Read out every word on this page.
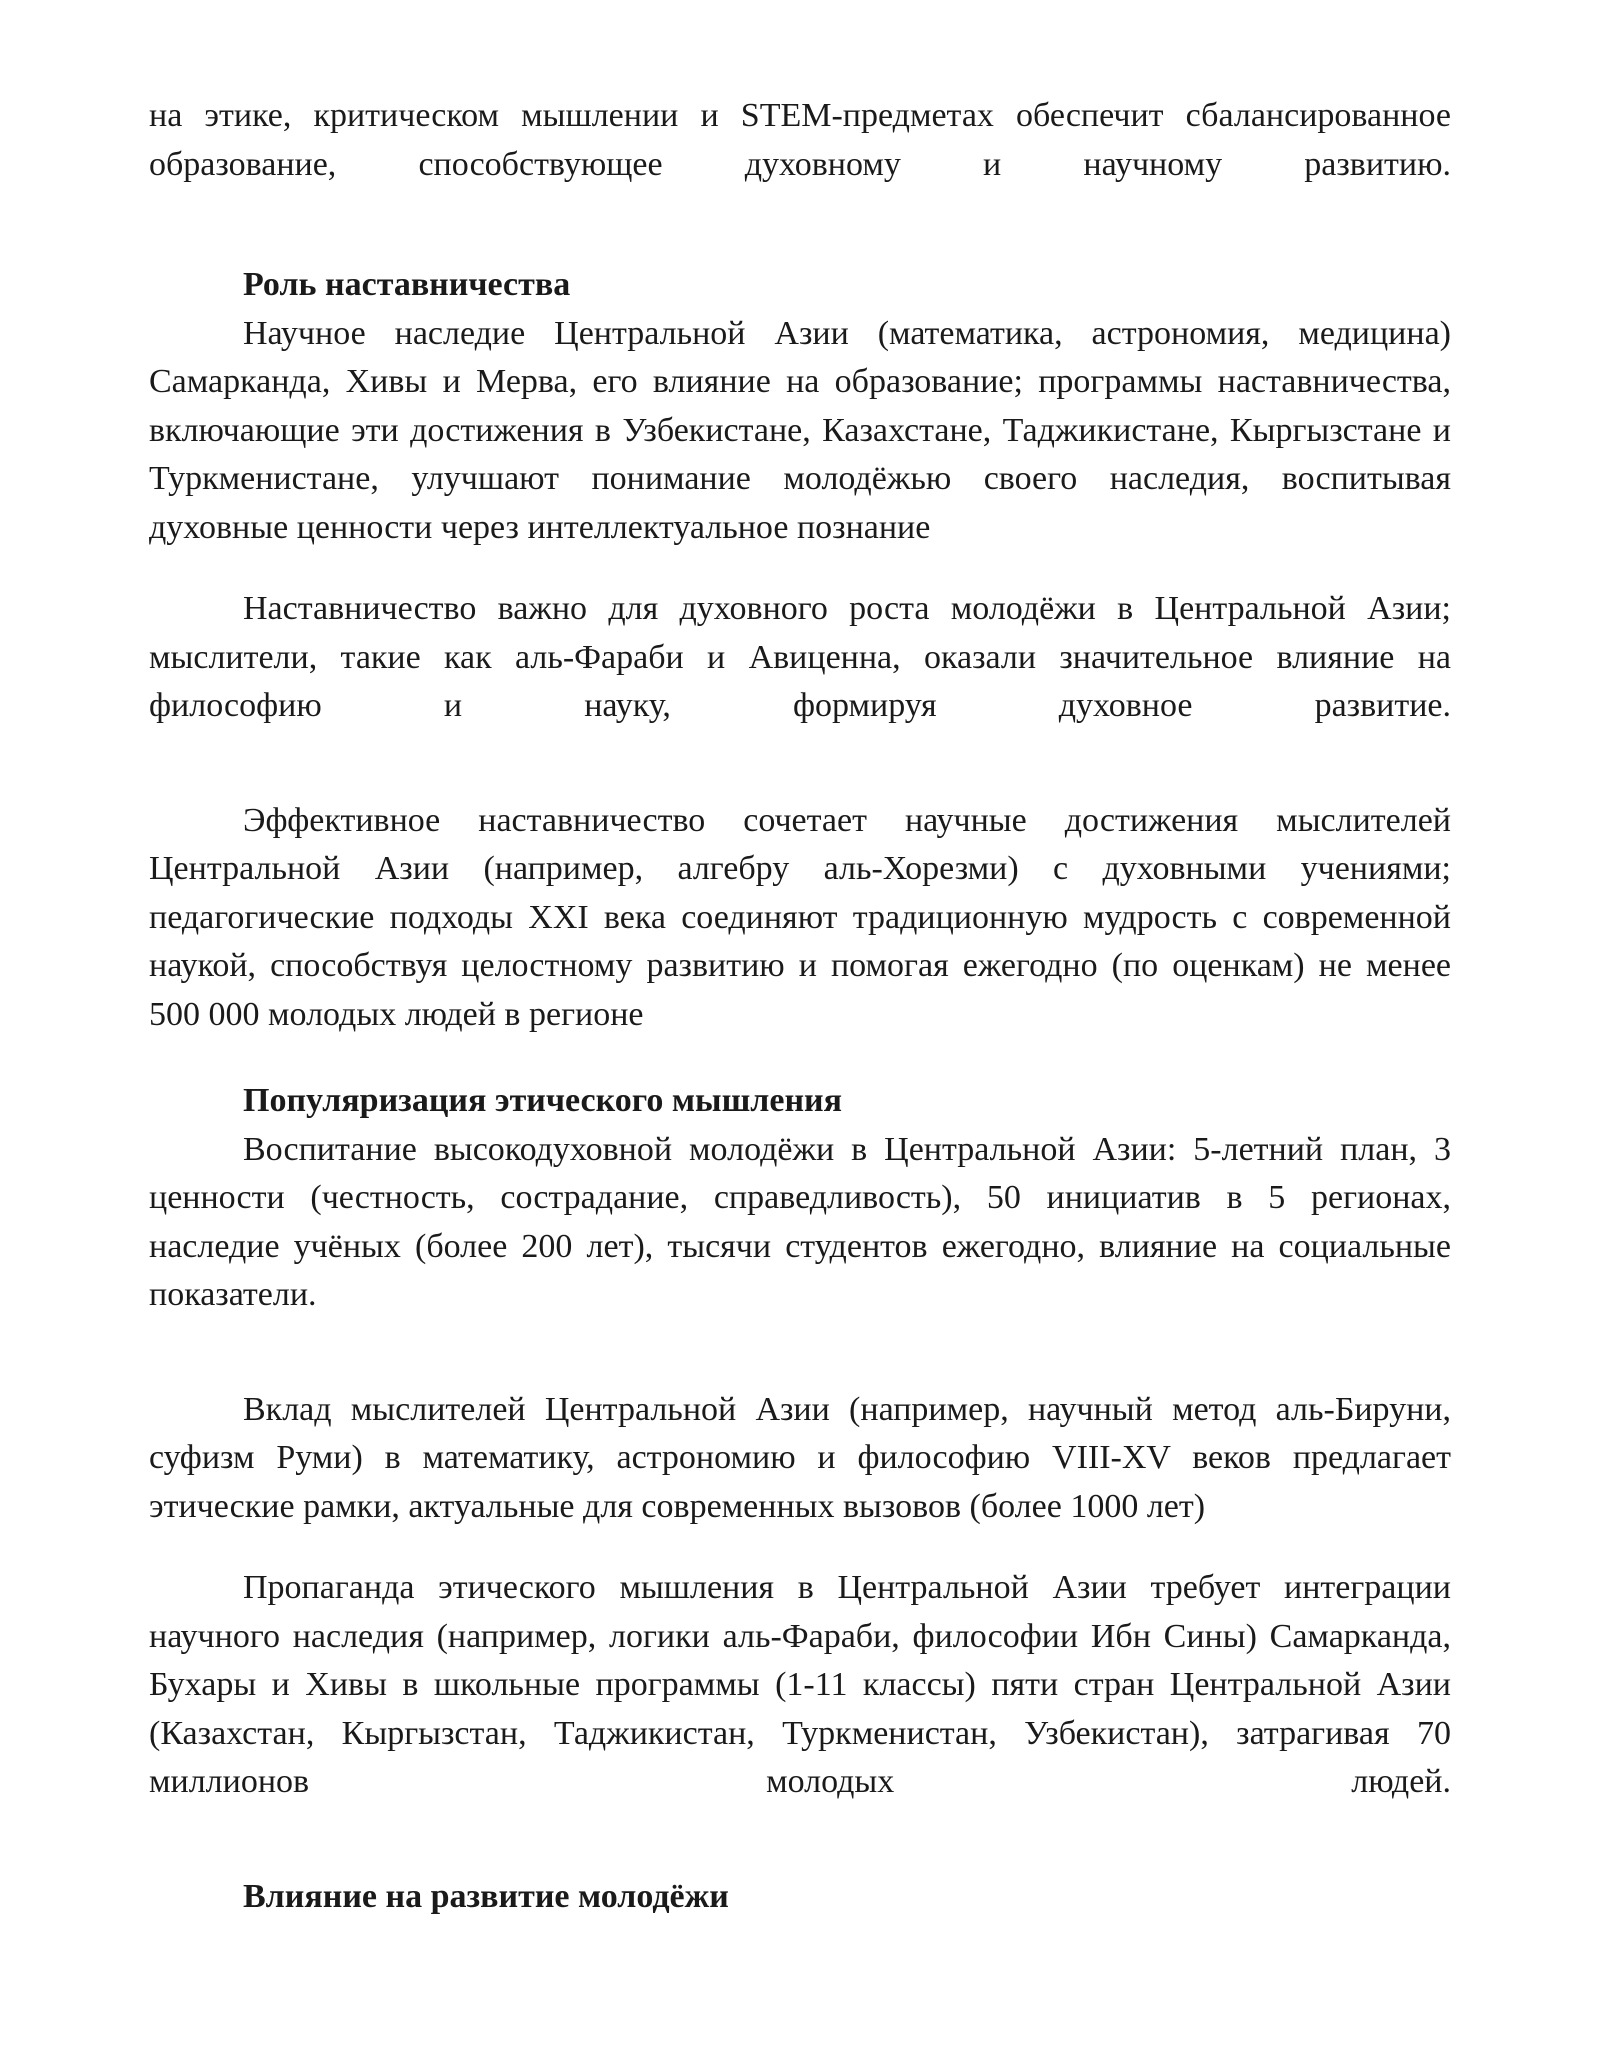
на этике, критическом мышлении и STEM-предметах обеспечит сбалансированное образование, способствующее духовному и научному развитию.

Роль наставничества

Научное наследие Центральной Азии (математика, астрономия, медицина) Самарканда, Хивы и Мерва, его влияние на образование; программы наставничества, включающие эти достижения в Узбекистане, Казахстане, Таджикистане, Кыргызстане и Туркменистане, улучшают понимание молодёжью своего наследия, воспитывая духовные ценности через интеллектуальное познание

Наставничество важно для духовного роста молодёжи в Центральной Азии; мыслители, такие как аль-Фараби и Авиценна, оказали значительное влияние на философию и науку, формируя духовное развитие.

Эффективное наставничество сочетает научные достижения мыслителей Центральной Азии (например, алгебру аль-Хорезми) с духовными учениями; педагогические подходы XXI века соединяют традиционную мудрость с современной наукой, способствуя целостному развитию и помогая ежегодно (по оценкам) не менее 500 000 молодых людей в регионе

Популяризация этического мышления

Воспитание высокодуховной молодёжи в Центральной Азии: 5-летний план, 3 ценности (честность, сострадание, справедливость), 50 инициатив в 5 регионах, наследие учёных (более 200 лет), тысячи студентов ежегодно, влияние на социальные показатели.

Вклад мыслителей Центральной Азии (например, научный метод аль-Бируни, суфизм Руми) в математику, астрономию и философию VIII-XV веков предлагает этические рамки, актуальные для современных вызовов (более 1000 лет)

Пропаганда этического мышления в Центральной Азии требует интеграции научного наследия (например, логики аль-Фараби, философии Ибн Сины) Самарканда, Бухары и Хивы в школьные программы (1-11 классы) пяти стран Центральной Азии (Казахстан, Кыргызстан, Таджикистан, Туркменистан, Узбекистан), затрагивая 70 миллионов молодых людей.

Влияние на развитие молодёжи
